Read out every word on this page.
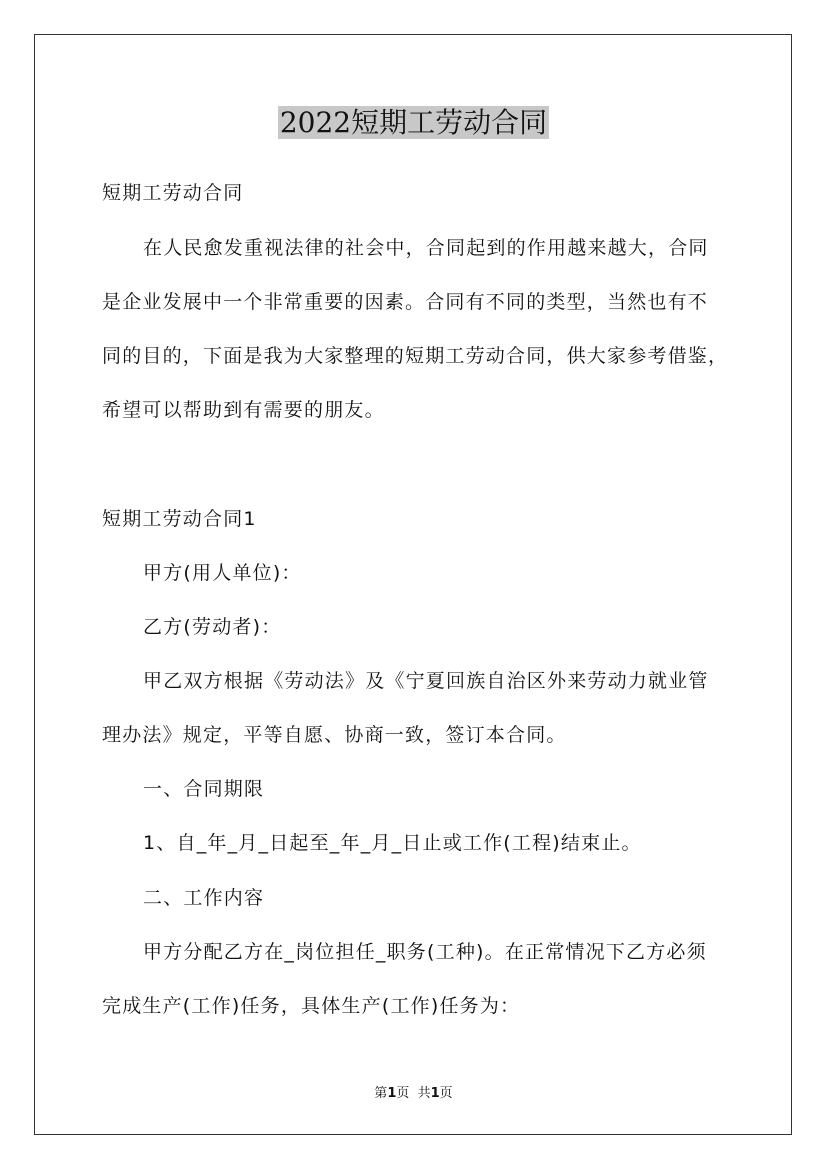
2022短期工劳动合同
短期工劳动合同
在人民愈发重视法律的社会中，合同起到的作用越来越大，合同
是企业发展中一个非常重要的因素。合同有不同的类型，当然也有不
同的目的，下面是我为大家整理的短期工劳动合同，供大家参考借鉴，
希望可以帮助到有需要的朋友。
短期工劳动合同1
甲方(用人单位)：
乙方(劳动者)：
甲乙双方根据《劳动法》及《宁夏回族自治区外来劳动力就业管
理办法》规定，平等自愿、协商一致，签订本合同。
一、合同期限
1、自_年_月_日起至_年_月_日止或工作(工程)结束止。
二、工作内容
甲方分配乙方在_岗位担任_职务(工种)。在正常情况下乙方必须
完成生产(工作)任务，具体生产(工作)任务为：
第1页  共1页
